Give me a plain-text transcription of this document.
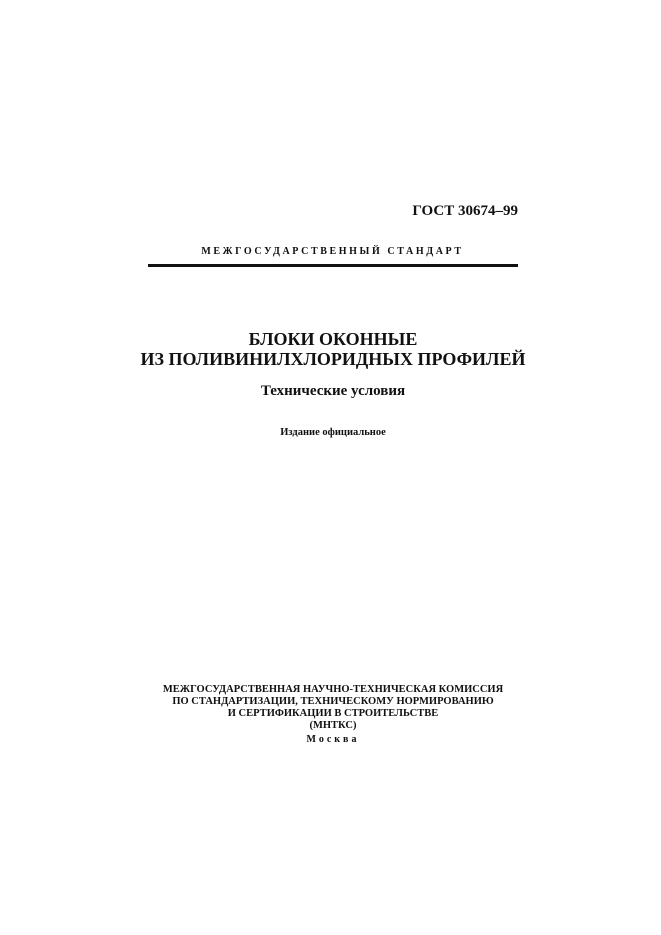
ГОСТ 30674–99
МЕЖГОСУДАРСТВЕННЫЙ СТАНДАРТ
БЛОКИ ОКОННЫЕ
ИЗ ПОЛИВИНИЛХЛОРИДНЫХ ПРОФИЛЕЙ
Технические условия
Издание официальное
МЕЖГОСУДАРСТВЕННАЯ НАУЧНО-ТЕХНИЧЕСКАЯ КОМИССИЯ
ПО СТАНДАРТИЗАЦИИ, ТЕХНИЧЕСКОМУ НОРМИРОВАНИЮ
И СЕРТИФИКАЦИИ В СТРОИТЕЛЬСТВЕ
(МНТКС)
Москва
